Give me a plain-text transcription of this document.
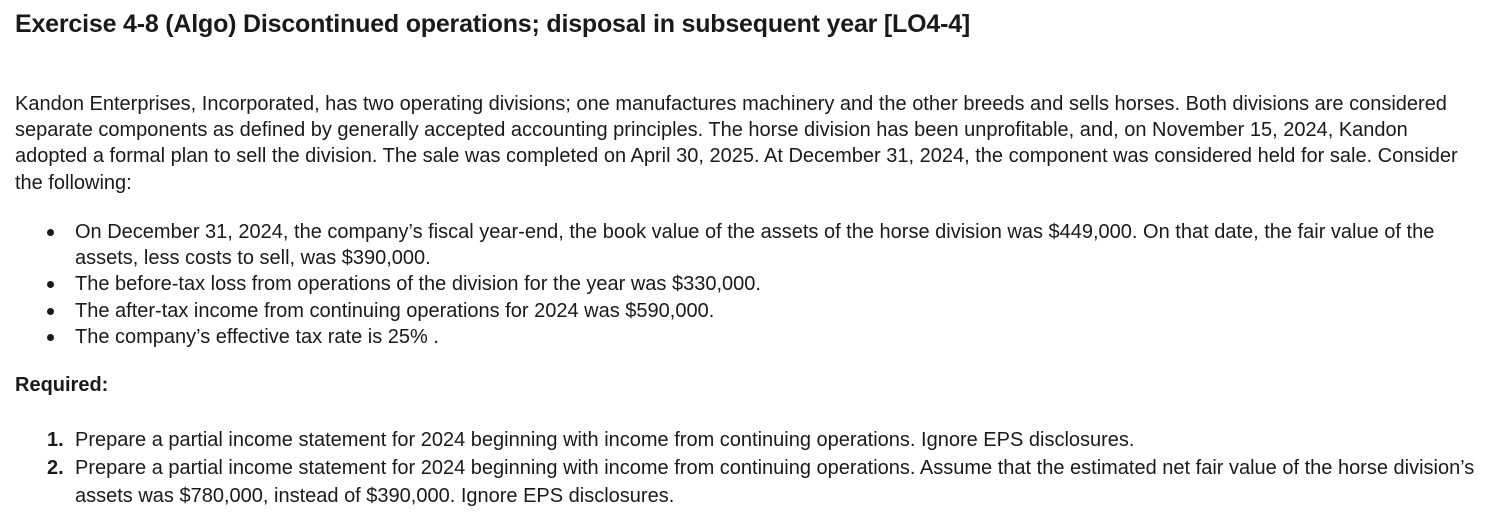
Exercise 4-8 (Algo) Discontinued operations; disposal in subsequent year [LO4-4]

Kandon Enterprises, Incorporated, has two operating divisions; one manufactures machinery and the other breeds and sells horses. Both divisions are considered separate components as defined by generally accepted accounting principles. The horse division has been unprofitable, and, on November 15, 2024, Kandon adopted a formal plan to sell the division. The sale was completed on April 30, 2025. At December 31, 2024, the component was considered held for sale. Consider the following:

On December 31, 2024, the company’s fiscal year-end, the book value of the assets of the horse division was $449,000. On that date, the fair value of the assets, less costs to sell, was $390,000.
The before-tax loss from operations of the division for the year was $330,000.
The after-tax income from continuing operations for 2024 was $590,000.
The company’s effective tax rate is 25% .

Required:

1. Prepare a partial income statement for 2024 beginning with income from continuing operations. Ignore EPS disclosures.
2. Prepare a partial income statement for 2024 beginning with income from continuing operations. Assume that the estimated net fair value of the horse division’s assets was $780,000, instead of $390,000. Ignore EPS disclosures.
